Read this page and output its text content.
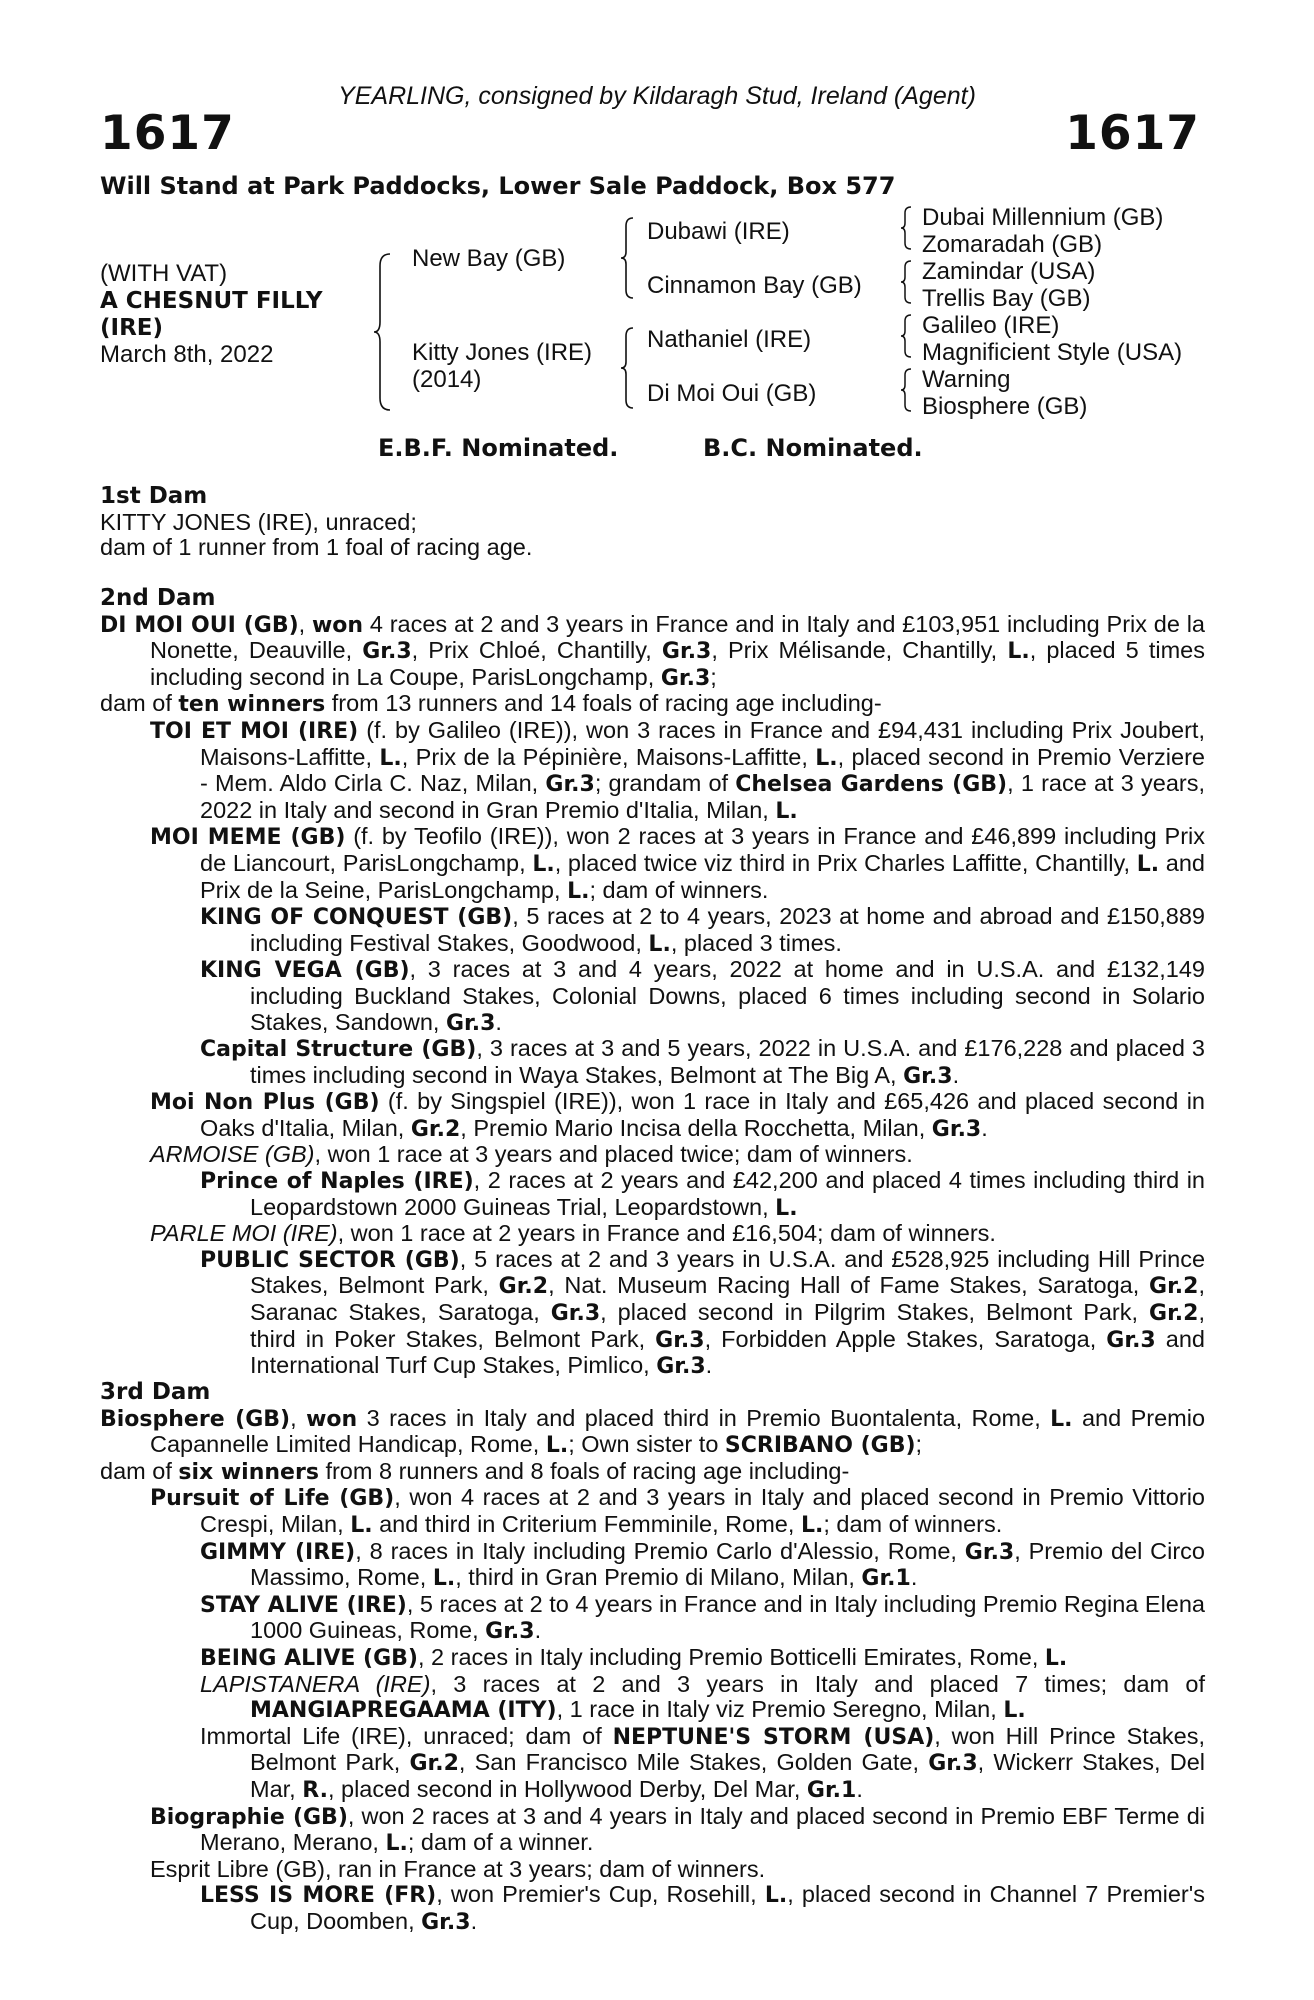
YEARLING, consigned by Kildaragh Stud, Ireland (Agent)
1617	1617
Will Stand at Park Paddocks, Lower Sale Paddock, Box 577
(WITH VAT)
A CHESNUT FILLY
(IRE)
March 8th, 2022
New Bay (GB)
Kitty Jones (IRE)
(2014)
Dubawi (IRE)
Cinnamon Bay (GB)
Nathaniel (IRE)
Di Moi Oui (GB)
Dubai Millennium (GB)
Zomaradah (GB)
Zamindar (USA)
Trellis Bay (GB)
Galileo (IRE)
Magnificient Style (USA)
Warning
Biosphere (GB)
E.B.F. Nominated.	B.C. Nominated.
1st Dam
KITTY JONES (IRE), unraced;
dam of 1 runner from 1 foal of racing age.
2nd Dam
DI MOI OUI (GB), won 4 races at 2 and 3 years in France and in Italy and £103,951 including Prix de la Nonette, Deauville, Gr.3, Prix Chloé, Chantilly, Gr.3, Prix Mélisande, Chantilly, L., placed 5 times including second in La Coupe, ParisLongchamp, Gr.3;
dam of ten winners from 13 runners and 14 foals of racing age including-
TOI ET MOI (IRE) (f. by Galileo (IRE)), won 3 races in France and £94,431 including Prix Joubert, Maisons-Laffitte, L., Prix de la Pépinière, Maisons-Laffitte, L., placed second in Premio Verziere - Mem. Aldo Cirla C. Naz, Milan, Gr.3; grandam of Chelsea Gardens (GB), 1 race at 3 years, 2022 in Italy and second in Gran Premio d'Italia, Milan, L.
MOI MEME (GB) (f. by Teofilo (IRE)), won 2 races at 3 years in France and £46,899 including Prix de Liancourt, ParisLongchamp, L., placed twice viz third in Prix Charles Laffitte, Chantilly, L. and Prix de la Seine, ParisLongchamp, L.; dam of winners.
KING OF CONQUEST (GB), 5 races at 2 to 4 years, 2023 at home and abroad and £150,889 including Festival Stakes, Goodwood, L., placed 3 times.
KING VEGA (GB), 3 races at 3 and 4 years, 2022 at home and in U.S.A. and £132,149 including Buckland Stakes, Colonial Downs, placed 6 times including second in Solario Stakes, Sandown, Gr.3.
Capital Structure (GB), 3 races at 3 and 5 years, 2022 in U.S.A. and £176,228 and placed 3 times including second in Waya Stakes, Belmont at The Big A, Gr.3.
Moi Non Plus (GB) (f. by Singspiel (IRE)), won 1 race in Italy and £65,426 and placed second in Oaks d'Italia, Milan, Gr.2, Premio Mario Incisa della Rocchetta, Milan, Gr.3.
ARMOISE (GB), won 1 race at 3 years and placed twice; dam of winners.
Prince of Naples (IRE), 2 races at 2 years and £42,200 and placed 4 times including third in Leopardstown 2000 Guineas Trial, Leopardstown, L.
PARLE MOI (IRE), won 1 race at 2 years in France and £16,504; dam of winners.
PUBLIC SECTOR (GB), 5 races at 2 and 3 years in U.S.A. and £528,925 including Hill Prince Stakes, Belmont Park, Gr.2, Nat. Museum Racing Hall of Fame Stakes, Saratoga, Gr.2, Saranac Stakes, Saratoga, Gr.3, placed second in Pilgrim Stakes, Belmont Park, Gr.2, third in Poker Stakes, Belmont Park, Gr.3, Forbidden Apple Stakes, Saratoga, Gr.3 and International Turf Cup Stakes, Pimlico, Gr.3.
3rd Dam
Biosphere (GB), won 3 races in Italy and placed third in Premio Buontalenta, Rome, L. and Premio Capannelle Limited Handicap, Rome, L.; Own sister to SCRIBANO (GB);
dam of six winners from 8 runners and 8 foals of racing age including-
Pursuit of Life (GB), won 4 races at 2 and 3 years in Italy and placed second in Premio Vittorio Crespi, Milan, L. and third in Criterium Femminile, Rome, L.; dam of winners.
GIMMY (IRE), 8 races in Italy including Premio Carlo d'Alessio, Rome, Gr.3, Premio del Circo Massimo, Rome, L., third in Gran Premio di Milano, Milan, Gr.1.
STAY ALIVE (IRE), 5 races at 2 to 4 years in France and in Italy including Premio Regina Elena 1000 Guineas, Rome, Gr.3.
BEING ALIVE (GB), 2 races in Italy including Premio Botticelli Emirates, Rome, L.
LAPISTANERA (IRE), 3 races at 2 and 3 years in Italy and placed 7 times; dam of MANGIAPREGAAMA (ITY), 1 race in Italy viz Premio Seregno, Milan, L.
Immortal Life (IRE), unraced; dam of NEPTUNE'S STORM (USA), won Hill Prince Stakes, Belmont Park, Gr.2, San Francisco Mile Stakes, Golden Gate, Gr.3, Wickerr Stakes, Del Mar, R., placed second in Hollywood Derby, Del Mar, Gr.1.
Biographie (GB), won 2 races at 3 and 4 years in Italy and placed second in Premio EBF Terme di Merano, Merano, L.; dam of a winner.
Esprit Libre (GB), ran in France at 3 years; dam of winners.
LESS IS MORE (FR), won Premier's Cup, Rosehill, L., placed second in Channel 7 Premier's Cup, Doomben, Gr.3.
